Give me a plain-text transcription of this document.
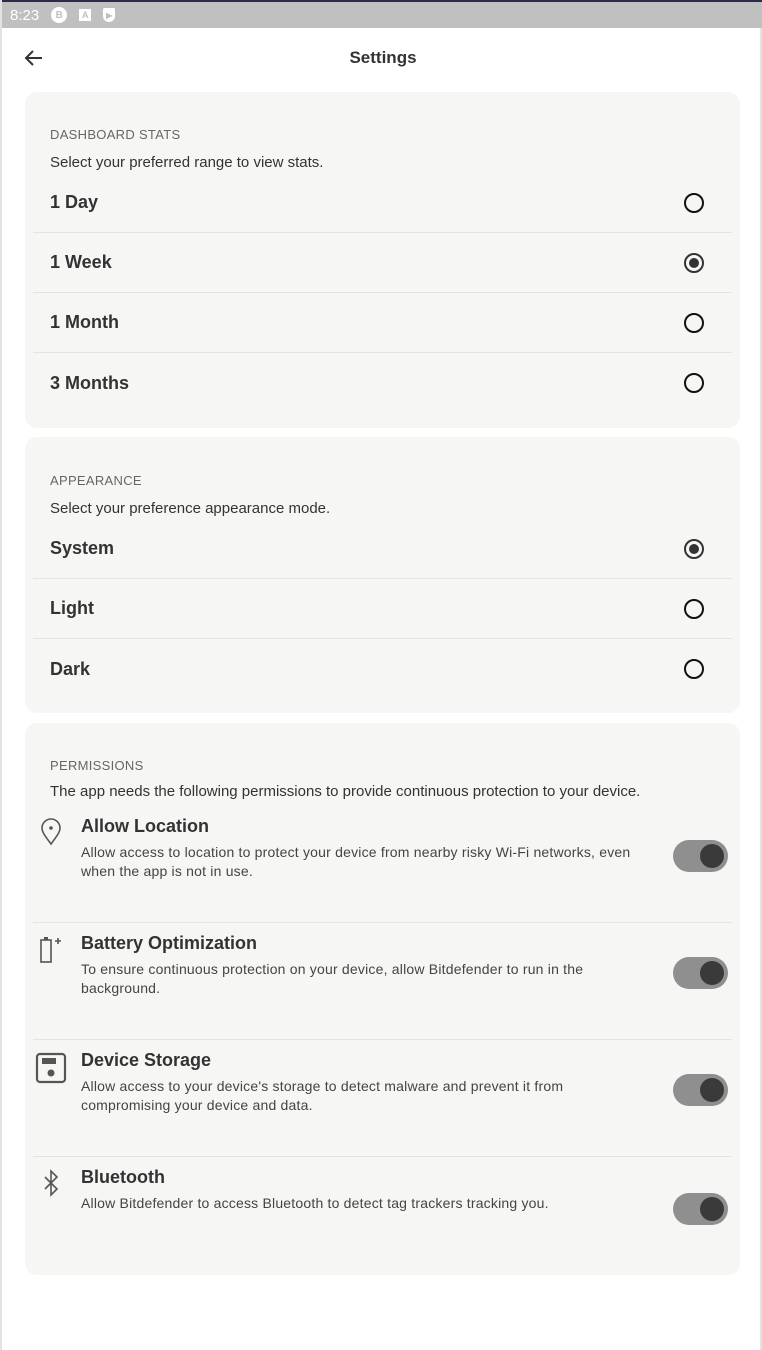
8:23	B	A	▶
Settings
DASHBOARD STATS
Select your preferred range to view stats.
1 Day
1 Week
1 Month
3 Months
APPEARANCE
Select your preference appearance mode.
System
Light
Dark
PERMISSIONS
The app needs the following permissions to provide continuous protection to your device.
Allow Location
Allow access to location to protect your device from nearby risky Wi-Fi networks, even when the app is not in use.
Battery Optimization
To ensure continuous protection on your device, allow Bitdefender to run in the background.
Device Storage
Allow access to your device's storage to detect malware and prevent it from compromising your device and data.
Bluetooth
Allow Bitdefender to access Bluetooth to detect tag trackers tracking you.
